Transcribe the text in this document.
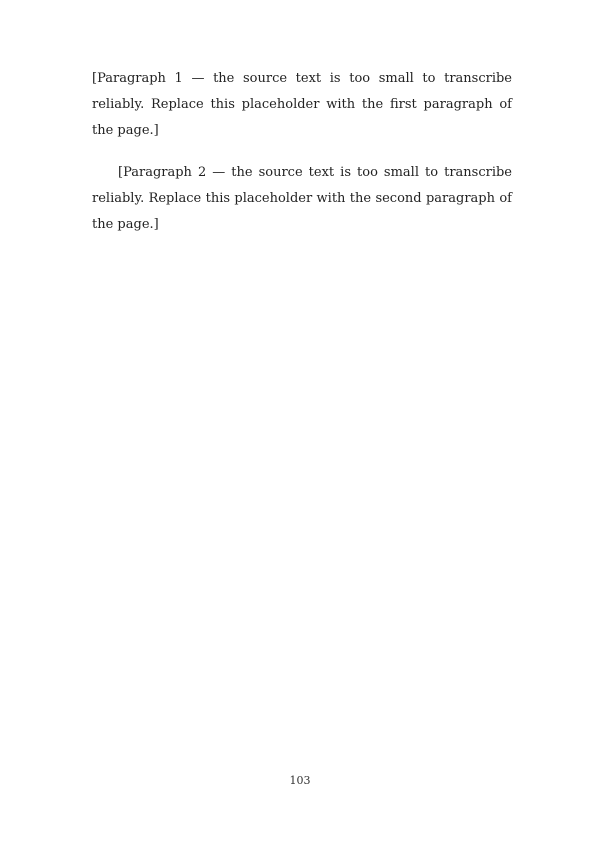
[Paragraph 1 — the source text is too small to transcribe reliably. Replace this placeholder with the first paragraph of the page.]

[Paragraph 2 — the source text is too small to transcribe reliably. Replace this placeholder with the second paragraph of the page.]

103
